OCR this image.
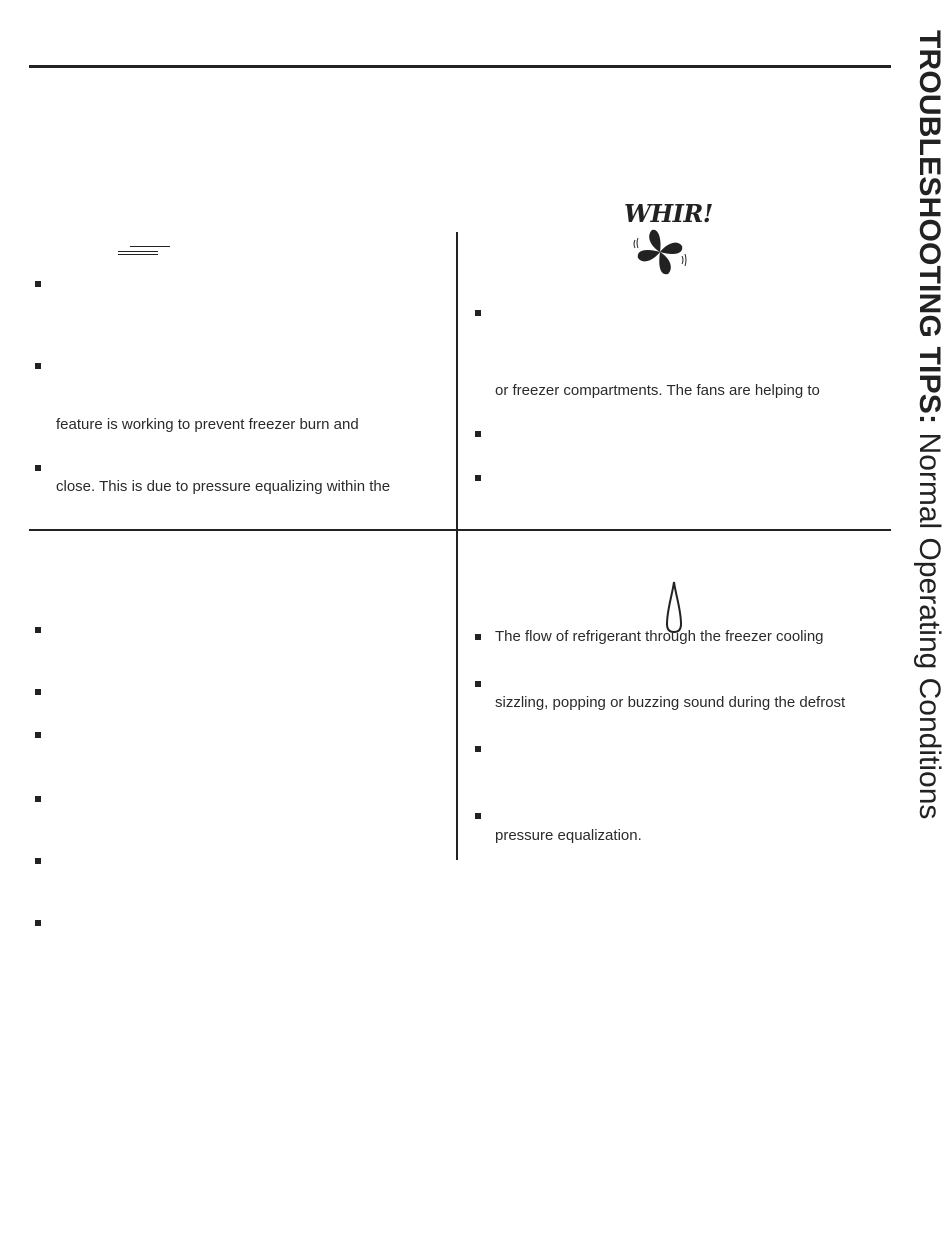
TROUBLESHOOTING TIPS: Normal Operating Conditions
feature is working to prevent freezer burn and
close. This is due to pressure equalizing within the
WHIR!
or freezer compartments. The fans are helping to
The flow of refrigerant through the freezer cooling
sizzling, popping or buzzing sound during the defrost
pressure equalization.
